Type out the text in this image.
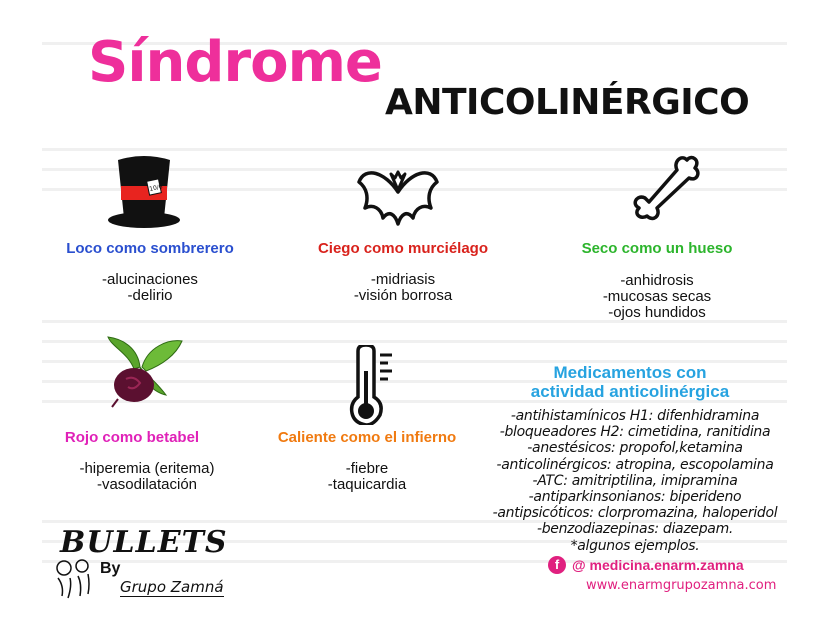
Síndrome
ANTICOLINÉRGICO
10/6
Loco como sombrerero
-alucinaciones
-delirio
Ciego como murciélago
-midriasis
-visión borrosa
Seco como un hueso
-anhidrosis
-mucosas secas
-ojos hundidos
Rojo como betabel
-hiperemia (eritema)
-vasodilatación
Caliente como el infierno
-fiebre
-taquicardia
Medicamentos con
actividad anticolinérgica
-antihistamínicos H1: difenhidramina
-bloqueadores H2: cimetidina, ranitidina
-anestésicos: propofol,ketamina
-anticolinérgicos: atropina, escopolamina
-ATC: amitriptilina, imipramina
-antiparkinsonianos: biperideno
-antipsicóticos: clorpromazina, haloperidol
-benzodiazepinas: diazepam.
*algunos ejemplos.
f @ medicina.enarm.zamna
www.enarmgrupozamna.com
BULLETS
By
Grupo Zamná
